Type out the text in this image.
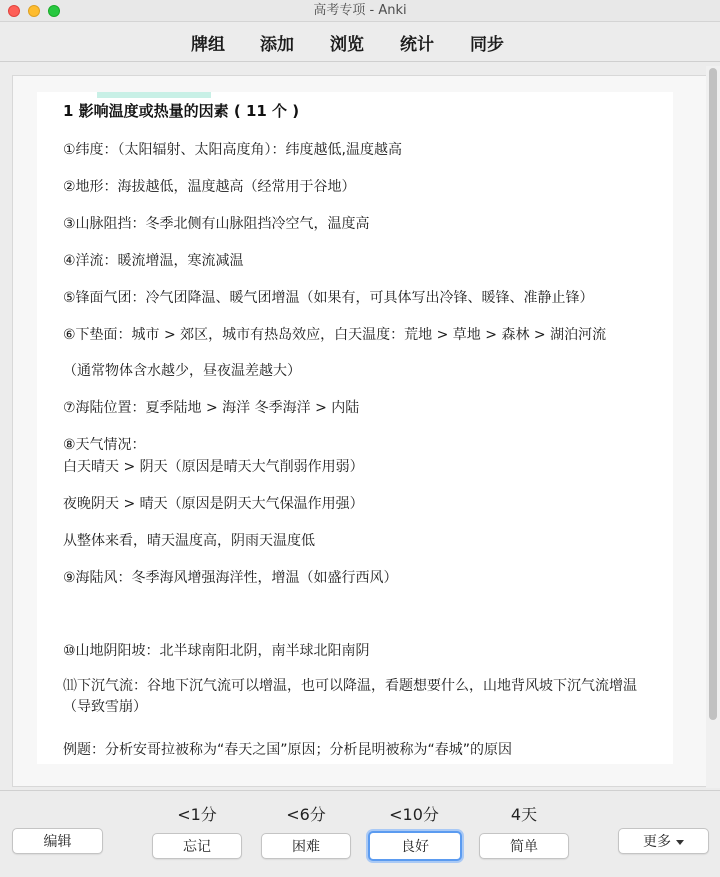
高考专项 - Anki
牌组 添加 浏览 统计 同步
1 影响温度或热量的因素 ( 11 个 )
①纬度：（太阳辐射、太阳高度角）：纬度越低,温度越高
②地形：海拔越低，温度越高（经常用于谷地）
③山脉阻挡：冬季北侧有山脉阻挡冷空气，温度高
④洋流：暖流增温，寒流减温
⑤锋面气团：冷气团降温、暖气团增温（如果有，可具体写出冷锋、暖锋、准静止锋）
⑥下垫面：城市 > 郊区，城市有热岛效应，白天温度：荒地 > 草地 > 森林 > 湖泊河流
（通常物体含水越少，昼夜温差越大）
⑦海陆位置：夏季陆地 > 海洋 冬季海洋 > 内陆
⑧天气情况：
白天晴天 > 阴天（原因是晴天大气削弱作用弱）
夜晚阴天 > 晴天（原因是阴天大气保温作用强）
从整体来看，晴天温度高，阴雨天温度低
⑨海陆风：冬季海风增强海洋性，增温（如盛行西风）
⑩山地阴阳坡：北半球南阳北阴，南半球北阳南阴
⑾下沉气流：谷地下沉气流可以增温，也可以降温，看题想要什么，山地背风坡下沉气流增温（导致雪崩）
例题：分析安哥拉被称为“春天之国”原因；分析昆明被称为“春城”的原因
编辑
<1分	<6分	<10分	4天
忘记	困难	良好	简单	更多
